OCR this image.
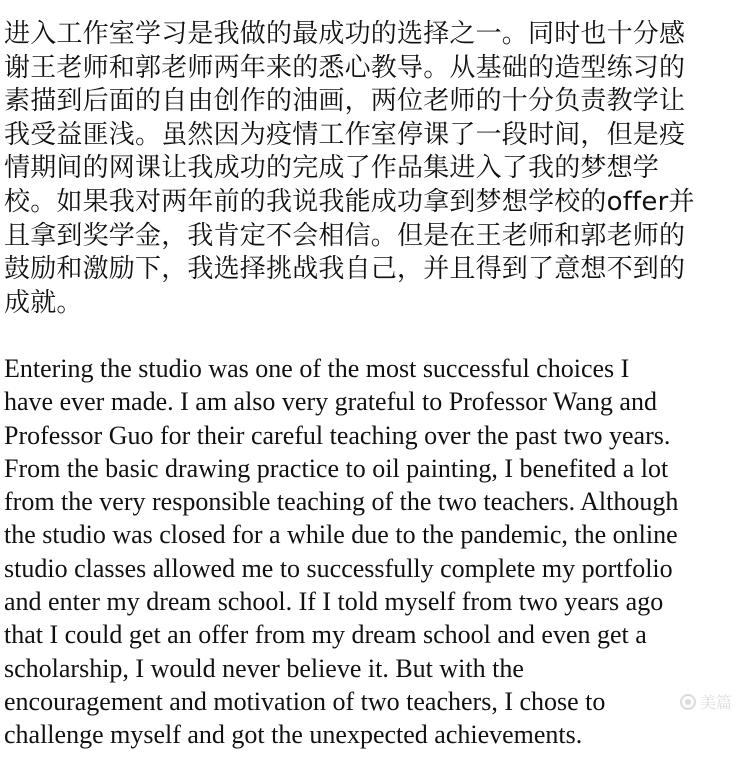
进入工作室学习是我做的最成功的选择之一。同时也十分感
谢王老师和郭老师两年来的悉心教导。从基础的造型练习的
素描到后面的自由创作的油画，两位老师的十分负责教学让
我受益匪浅。虽然因为疫情工作室停课了一段时间，但是疫
情期间的网课让我成功的完成了作品集进入了我的梦想学
校。如果我对两年前的我说我能成功拿到梦想学校的offer并
且拿到奖学金，我肯定不会相信。但是在王老师和郭老师的
鼓励和激励下，我选择挑战我自己，并且得到了意想不到的
成就。

Entering the studio was one of the most successful choices I
have ever made. I am also very grateful to Professor Wang and
Professor Guo for their careful teaching over the past two years.
From the basic drawing practice to oil painting, I benefited a lot
from the very responsible teaching of the two teachers. Although
the studio was closed for a while due to the pandemic, the online
studio classes allowed me to successfully complete my portfolio
and enter my dream school. If I told myself from two years ago
that I could get an offer from my dream school and even get a
scholarship, I would never believe it. But with the
encouragement and motivation of two teachers, I chose to
challenge myself and got the unexpected achievements.

美篇
